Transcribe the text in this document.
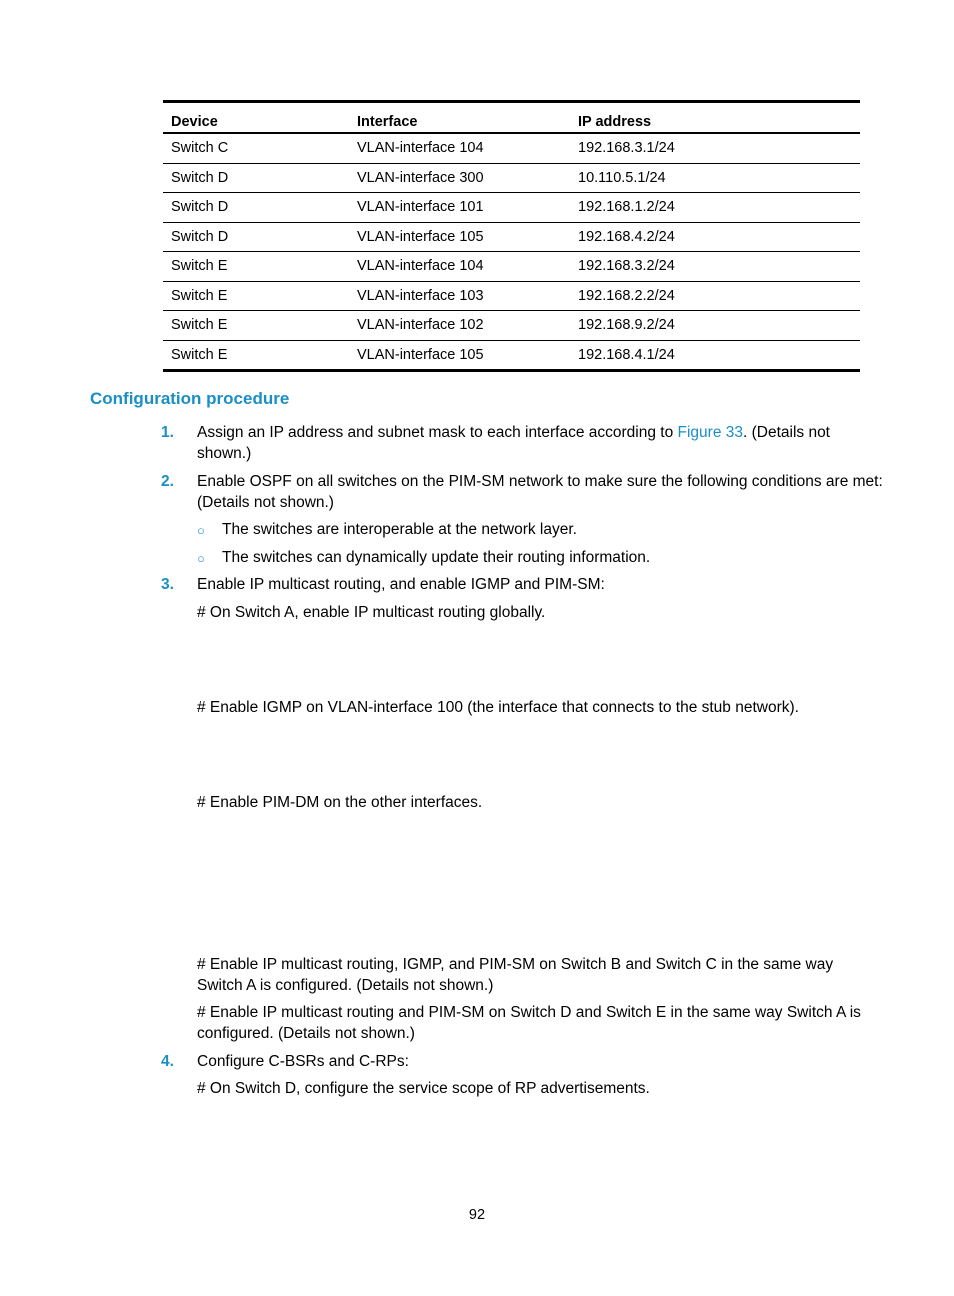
Device	Interface	IP address
Switch C	VLAN-interface 104	192.168.3.1/24
Switch D	VLAN-interface 300	10.110.5.1/24
Switch D	VLAN-interface 101	192.168.1.2/24
Switch D	VLAN-interface 105	192.168.4.2/24
Switch E	VLAN-interface 104	192.168.3.2/24
Switch E	VLAN-interface 103	192.168.2.2/24
Switch E	VLAN-interface 102	192.168.9.2/24
Switch E	VLAN-interface 105	192.168.4.1/24
Configuration procedure
1. Assign an IP address and subnet mask to each interface according to Figure 33. (Details not
shown.)
2. Enable OSPF on all switches on the PIM-SM network to make sure the following conditions are met:
(Details not shown.)
○ The switches are interoperable at the network layer.
○ The switches can dynamically update their routing information.
3. Enable IP multicast routing, and enable IGMP and PIM-SM:
# On Switch A, enable IP multicast routing globally.
# Enable IGMP on VLAN-interface 100 (the interface that connects to the stub network).
# Enable PIM-DM on the other interfaces.
# Enable IP multicast routing, IGMP, and PIM-SM on Switch B and Switch C in the same way
Switch A is configured. (Details not shown.)
# Enable IP multicast routing and PIM-SM on Switch D and Switch E in the same way Switch A is
configured. (Details not shown.)
4. Configure C-BSRs and C-RPs:
# On Switch D, configure the service scope of RP advertisements.
92
